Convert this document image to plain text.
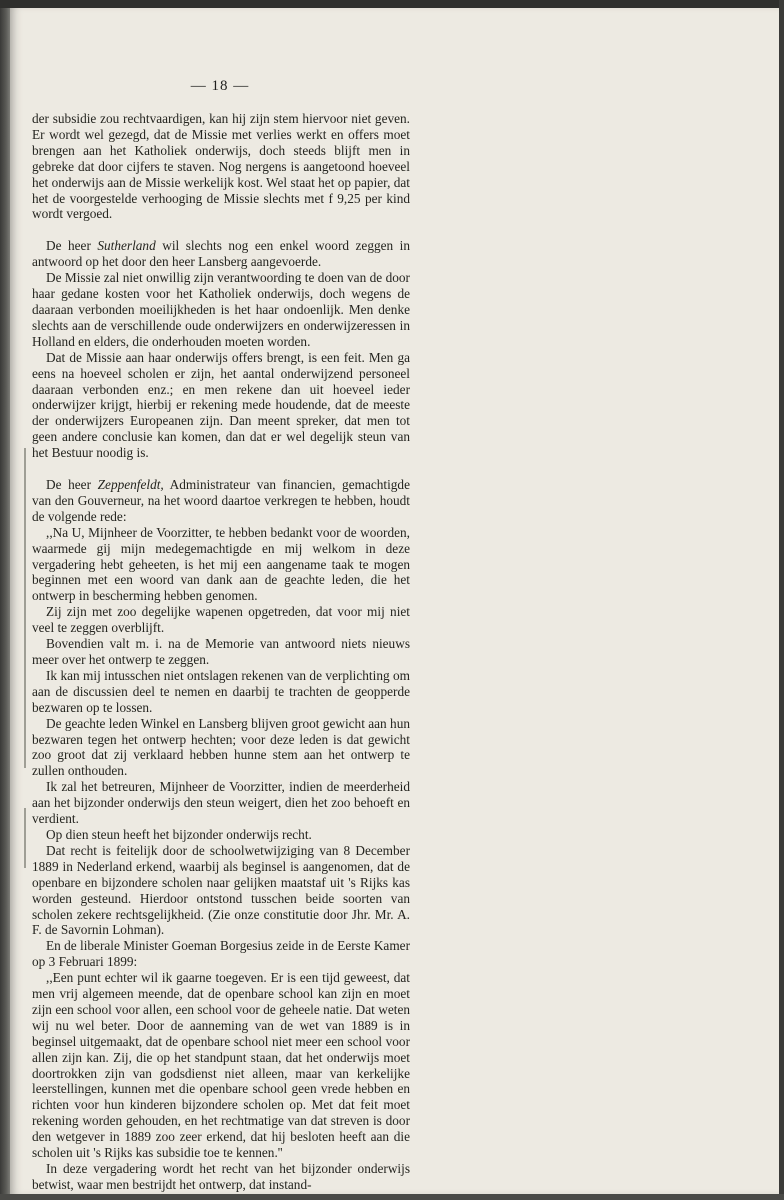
— 18 —

der subsidie zou rechtvaardigen, kan hij zijn stem hiervoor niet geven. Er wordt wel gezegd, dat de Missie met verlies werkt en offers moet brengen aan het Katholiek onderwijs, doch steeds blijft men in gebreke dat door cijfers te staven. Nog nergens is aangetoond hoeveel het onderwijs aan de Missie werkelijk kost. Wel staat het op papier, dat het de voorgestelde verhooging de Missie slechts met f 9,25 per kind wordt vergoed.

De heer Sutherland wil slechts nog een enkel woord zeggen in antwoord op het door den heer Lansberg aangevoerde.

De Missie zal niet onwillig zijn verantwoording te doen van de door haar gedane kosten voor het Katholiek onderwijs, doch wegens de daaraan verbonden moeilijkheden is het haar ondoenlijk. Men denke slechts aan de verschillende oude onderwijzers en onderwijzeressen in Holland en elders, die onderhouden moeten worden.

Dat de Missie aan haar onderwijs offers brengt, is een feit. Men ga eens na hoeveel scholen er zijn, het aantal onderwijzend personeel daaraan verbonden enz.; en men rekene dan uit hoeveel ieder onderwijzer krijgt, hierbij er rekening mede houdende, dat de meeste der onderwijzers Europeanen zijn. Dan meent spreker, dat men tot geen andere conclusie kan komen, dan dat er wel degelijk steun van het Bestuur noodig is.

De heer Zeppenfeldt, Administrateur van financien, gemachtigde van den Gouverneur, na het woord daartoe verkregen te hebben, houdt de volgende rede:

,,Na U, Mijnheer de Voorzitter, te hebben bedankt voor de woorden, waarmede gij mijn medegemachtigde en mij welkom in deze vergadering hebt geheeten, is het mij een aangename taak te mogen beginnen met een woord van dank aan de geachte leden, die het ontwerp in bescherming hebben genomen.

Zij zijn met zoo degelijke wapenen opgetreden, dat voor mij niet veel te zeggen overblijft.

Bovendien valt m. i. na de Memorie van antwoord niets nieuws meer over het ontwerp te zeggen.

Ik kan mij intusschen niet ontslagen rekenen van de verplichting om aan de discussien deel te nemen en daarbij te trachten de geopperde bezwaren op te lossen.

De geachte leden Winkel en Lansberg blijven groot gewicht aan hun bezwaren tegen het ontwerp hechten; voor deze leden is dat gewicht zoo groot dat zij verklaard hebben hunne stem aan het ontwerp te zullen onthouden.

Ik zal het betreuren, Mijnheer de Voorzitter, indien de meerderheid aan het bijzonder onderwijs den steun weigert, dien het zoo behoeft en verdient.

Op dien steun heeft het bijzonder onderwijs recht.

Dat recht is feitelijk door de schoolwetwijziging van 8 December 1889 in Nederland erkend, waarbij als beginsel is aangenomen, dat de openbare en bijzondere scholen naar gelijken maatstaf uit 's Rijks kas worden gesteund. Hierdoor ontstond tusschen beide soorten van scholen zekere rechtsgelijkheid. (Zie onze constitutie door Jhr. Mr. A. F. de Savornin Lohman).

En de liberale Minister Goeman Borgesius zeide in de Eerste Kamer op 3 Februari 1899:

,,Een punt echter wil ik gaarne toegeven. Er is een tijd geweest, dat men vrij algemeen meende, dat de openbare school kan zijn en moet zijn een school voor allen, een school voor de geheele natie. Dat weten wij nu wel beter. Door de aanneming van de wet van 1889 is in beginsel uitgemaakt, dat de openbare school niet meer een school voor allen zijn kan. Zij, die op het standpunt staan, dat het onderwijs moet doortrokken zijn van godsdienst niet alleen, maar van kerkelijke leerstellingen, kunnen met die openbare school geen vrede hebben en richten voor hun kinderen bijzondere scholen op. Met dat feit moet rekening worden gehouden, en het rechtmatige van dat streven is door den wetgever in 1889 zoo zeer erkend, dat hij besloten heeft aan die scholen uit 's Rijks kas subsidie toe te kennen.''

In deze vergadering wordt het recht van het bijzonder onderwijs betwist, waar men bestrijdt het ontwerp, dat instand-
